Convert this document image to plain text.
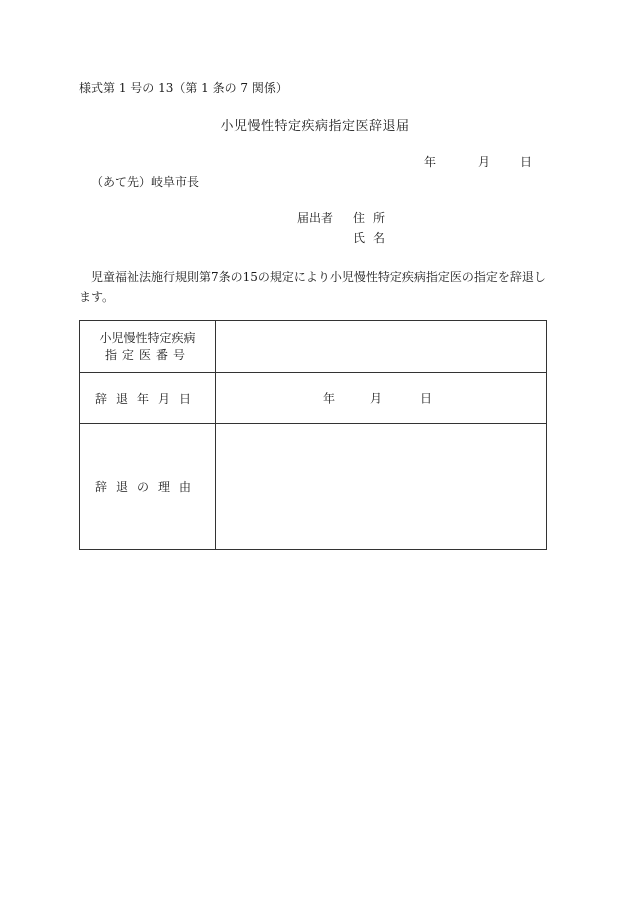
様式第 1 号の 13（第 1 条の 7 関係）
小児慢性特定疾病指定医辞退届
年	月 日
（あて先）岐阜市長
届出者 住所
氏名
児童福祉法施行規則第7条の15の規定により小児慢性特定疾病指定医の指定を辞退します。
小児慢性特定疾病
指定医番号	

辞退年月日	年 月 日

辞退の理由	
